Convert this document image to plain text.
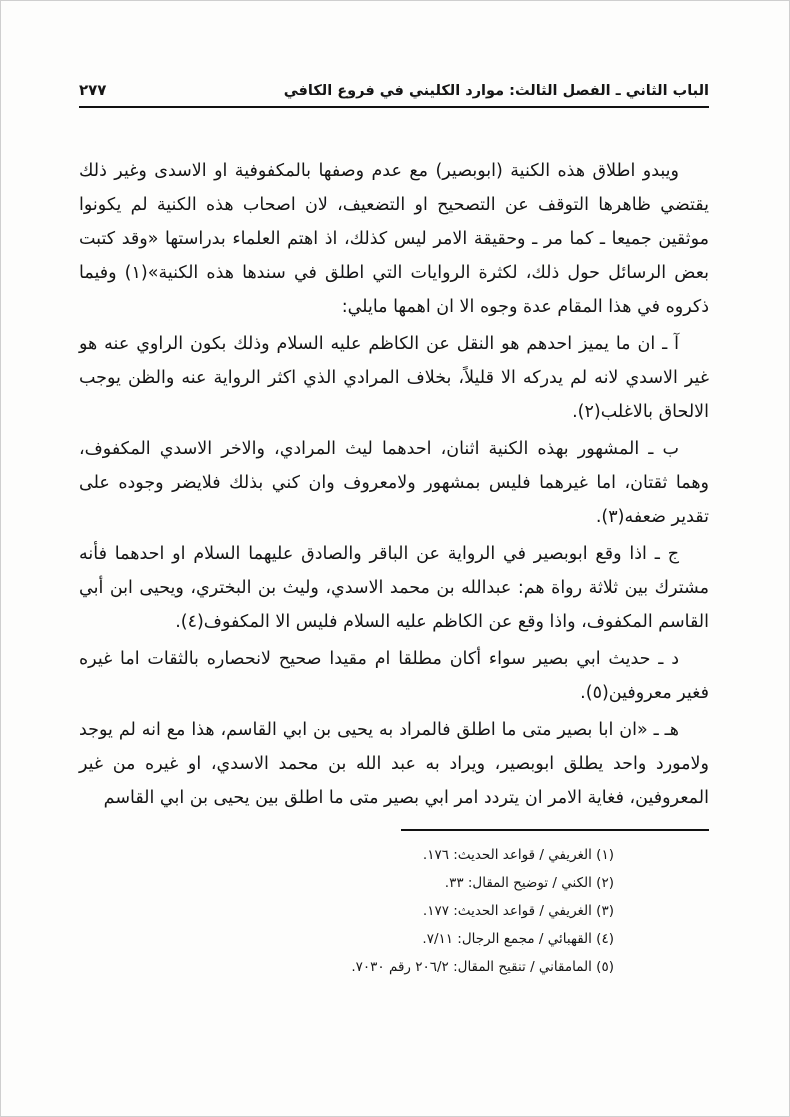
الباب الثاني ـ الفصل الثالث: موارد الكليني في فروع الكافي
٢٧٧

ويبدو اطلاق هذه الكنية (ابوبصير) مع عدم وصفها بالمكفوفية او الاسدى وغير ذلك يقتضي ظاهرها التوقف عن التصحيح او التضعيف، لان اصحاب هذه الكنية لم يكونوا موثقين جميعا ـ كما مر ـ وحقيقة الامر ليس كذلك، اذ اهتم العلماء بدراستها «وقد كتبت بعض الرسائل حول ذلك، لكثرة الروايات التي اطلق في سندها هذه الكنية»(١) وفيما ذكروه في هذا المقام عدة وجوه الا ان اهمها مايلي:

آ ـ ان ما يميز احدهم هو النقل عن الكاظم عليه السلام وذلك بكون الراوي عنه هو غير الاسدي لانه لم يدركه الا قليلاً، بخلاف المرادي الذي اكثر الرواية عنه والظن يوجب الالحاق بالاغلب(٢).

ب ـ المشهور بهذه الكنية اثنان، احدهما ليث المرادي، والاخر الاسدي المكفوف، وهما ثقتان، اما غيرهما فليس بمشهور ولامعروف وان كني بذلك فلايضر وجوده على تقدير ضعفه(٣).

ج ـ اذا وقع ابوبصير في الرواية عن الباقر والصادق عليهما السلام او احدهما فأنه مشترك بين ثلاثة رواة هم: عبدالله بن محمد الاسدي، وليث بن البختري، ويحيى ابن أبي القاسم المكفوف، واذا وقع عن الكاظم عليه السلام فليس الا المكفوف(٤).

د ـ حديث ابي بصير سواء أكان مطلقا ام مقيدا صحيح لانحصاره بالثقات اما غيره فغير معروفين(٥).

هـ ـ «ان ابا بصير متى ما اطلق فالمراد به يحيى بن ابي القاسم، هذا مع انه لم يوجد ولامورد واحد يطلق ابوبصير، ويراد به عبد الله بن محمد الاسدي، او غيره من غير المعروفين، فغاية الامر ان يتردد امر ابي بصير متى ما اطلق بين يحيى بن ابي القاسم

(١) الغريفي / قواعد الحديث: ١٧٦.

(٢) الكني / توضيح المقال: ٣٣.

(٣) الغريفي / قواعد الحديث: ١٧٧.

(٤) القهبائي / مجمع الرجال: ٧/١١.

(٥) المامقاني / تنقيح المقال: ٢٠٦/٢ رقم ٧٠٣٠.
